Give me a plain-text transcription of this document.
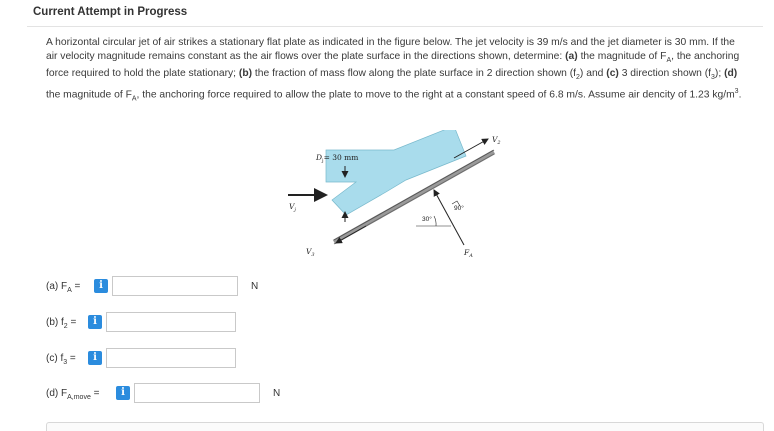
Current Attempt in Progress
A horizontal circular jet of air strikes a stationary flat plate as indicated in the figure below. The jet velocity is 39 m/s and the jet diameter is 30 mm. If the air velocity magnitude remains constant as the air flows over the plate surface in the directions shown, determine: (a) the magnitude of $F_A$, the anchoring force required to hold the plate stationary; (b) the fraction of mass flow along the plate surface in 2 direction shown $(f_2)$ and (c) 3 direction shown $(f_3)$; (d) the magnitude of $F_A$, the anchoring force required to allow the plate to move to the right at a constant speed of 6.8 m/s. Assume air dencity of 1.23 $kg/m^3$.
$D_j= 30$ mm
$V_j$
$V_2$
$V_3$	$F_A$
30°
90°
(a) $F_A$ =	i	N
(b) $f_2$ =	i
(c) $f_3$ =	i
(d) $F_{A,move}$ =	i	N
